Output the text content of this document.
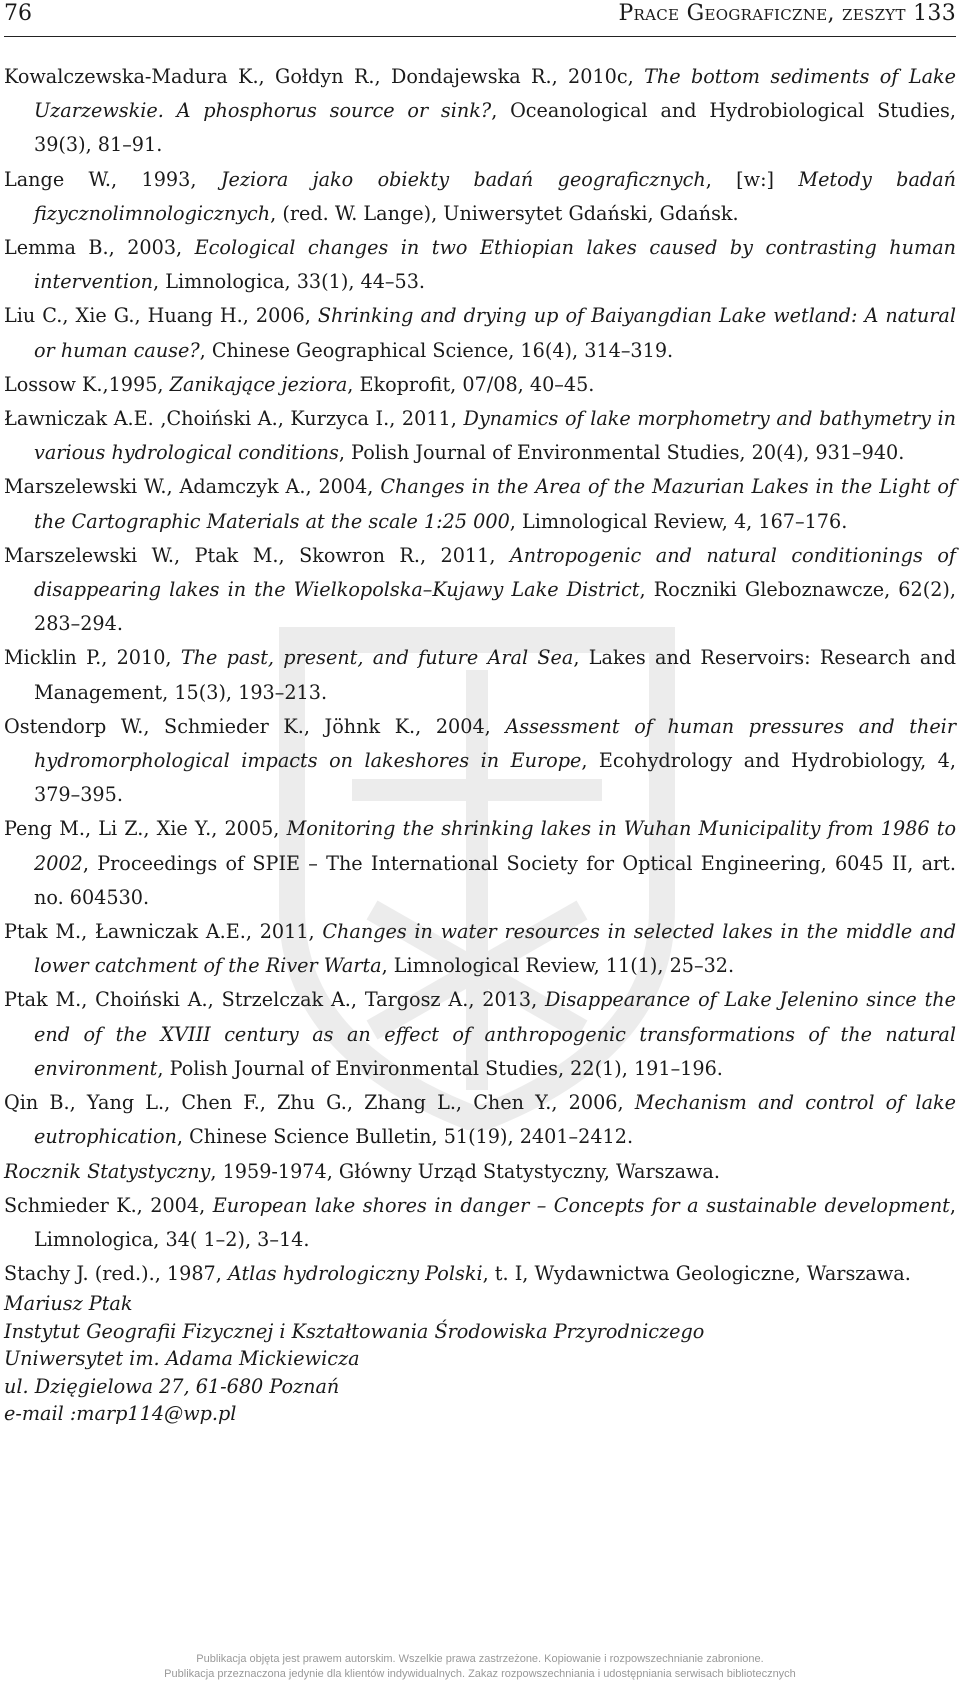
76	Prace Geograficzne, zeszyt 133

Kowalczewska-Madura K., Gołdyn R., Dondajewska R., 2010c, The bottom sediments of Lake Uzarzewskie. A phosphorus source or sink?, Oceanological and Hydrobiological Studies, 39(3), 81–91.

Lange W., 1993, Jeziora jako obiekty badań geograficznych, [w:] Metody badań fizycznolimnologicznych, (red. W. Lange), Uniwersytet Gdański, Gdańsk.

Lemma B., 2003, Ecological changes in two Ethiopian lakes caused by contrasting human intervention, Limnologica, 33(1), 44–53.

Liu C., Xie G., Huang H., 2006, Shrinking and drying up of Baiyangdian Lake wetland: A natural or human cause?, Chinese Geographical Science, 16(4), 314–319.

Lossow K.,1995, Zanikające jeziora, Ekoprofit, 07/08, 40–45.

Ławniczak A.E. ,Choiński A., Kurzyca I., 2011, Dynamics of lake morphometry and bathymetry in various hydrological conditions, Polish Journal of Environmental Studies, 20(4), 931–940.

Marszelewski W., Adamczyk A., 2004, Changes in the Area of the Mazurian Lakes in the Light of the Cartographic Materials at the scale 1:25 000, Limnological Review, 4, 167–176.

Marszelewski W., Ptak M., Skowron R., 2011, Antropogenic and natural conditionings of disappearing lakes in the Wielkopolska–Kujawy Lake District, Roczniki Gleboznawcze, 62(2), 283–294.

Micklin P., 2010, The past, present, and future Aral Sea, Lakes and Reservoirs: Research and Management, 15(3), 193–213.

Ostendorp W., Schmieder K., Jöhnk K., 2004, Assessment of human pressures and their hydromorphological impacts on lakeshores in Europe, Ecohydrology and Hydrobiology, 4, 379–395.

Peng M., Li Z., Xie Y., 2005, Monitoring the shrinking lakes in Wuhan Municipality from 1986 to 2002, Proceedings of SPIE – The International Society for Optical Engineering, 6045 II, art. no. 604530.

Ptak M., Ławniczak A.E., 2011, Changes in water resources in selected lakes in the middle and lower catchment of the River Warta, Limnological Review, 11(1), 25–32.

Ptak M., Choiński A., Strzelczak A., Targosz A., 2013, Disappearance of Lake Jelenino since the end of the XVIII century as an effect of anthropogenic transformations of the natural environment, Polish Journal of Environmental Studies, 22(1), 191–196.

Qin B., Yang L., Chen F., Zhu G., Zhang L., Chen Y., 2006, Mechanism and control of lake eutrophication, Chinese Science Bulletin, 51(19), 2401–2412.

Rocznik Statystyczny, 1959-1974, Główny Urząd Statystyczny, Warszawa.

Schmieder K., 2004, European lake shores in danger – Concepts for a sustainable development, Limnologica, 34( 1–2), 3–14.

Stachy J. (red.)., 1987, Atlas hydrologiczny Polski, t. I, Wydawnictwa Geologiczne, Warszawa.

Mariusz Ptak
Instytut Geografii Fizycznej i Kształtowania Środowiska Przyrodniczego
Uniwersytet im. Adama Mickiewicza
ul. Dzięgielowa 27, 61-680 Poznań
e-mail :marp114@wp.pl
Publikacja objęta jest prawem autorskim. Wszelkie prawa zastrzeżone. Kopiowanie i rozpowszechnianie zabronione.
Publikacja przeznaczona jedynie dla klientów indywidualnych. Zakaz rozpowszechniania i udostępniania serwisach bibliotecznych
